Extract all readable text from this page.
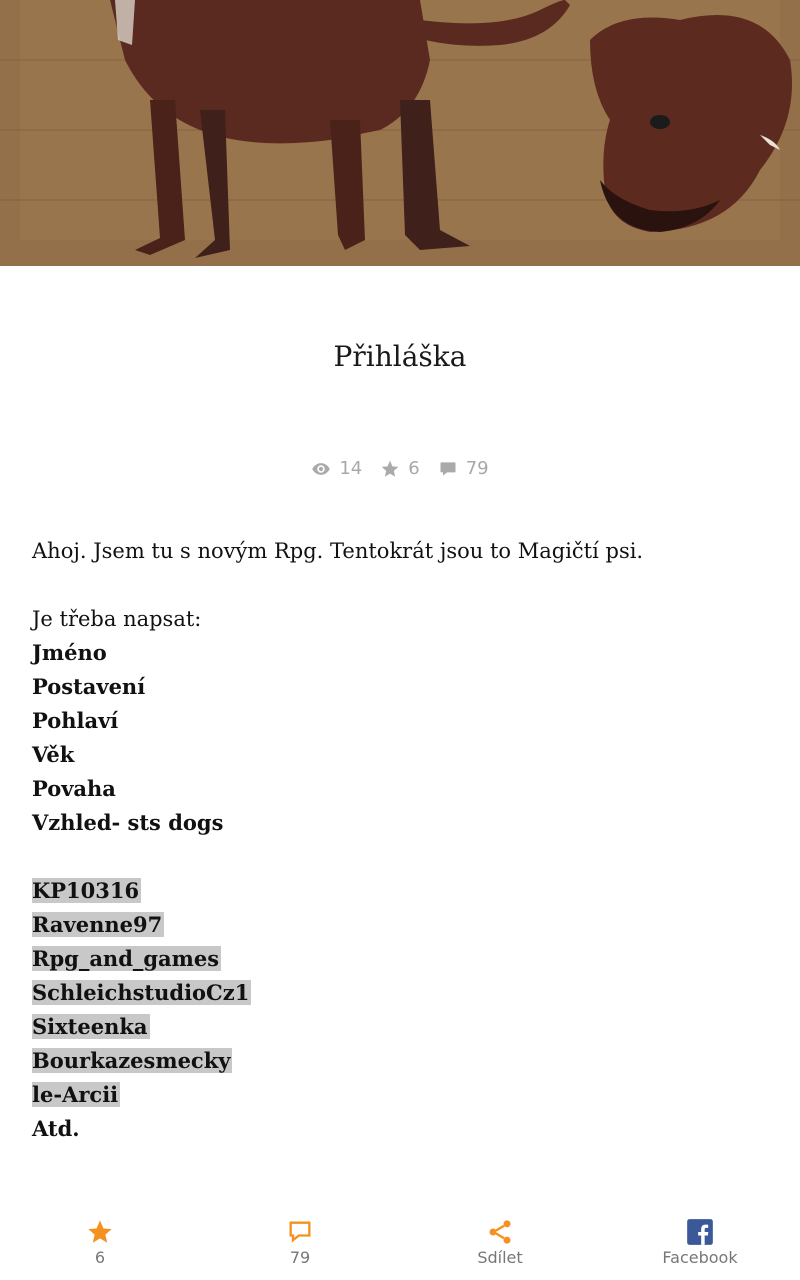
Přihláška
14	6	79
Ahoj. Jsem tu s novým Rpg. Tentokrát jsou to Magičtí psi.
Je třeba napsat:
Jméno
Postavení
Pohlaví
Věk
Povaha
Vzhled- sts dogs
KP10316
Ravenne97
Rpg_and_games
SchleichstudioCz1
Sixteenka
Bourkazesmecky
le-Arcii
Atd.
6	79	Sdílet	Facebook
